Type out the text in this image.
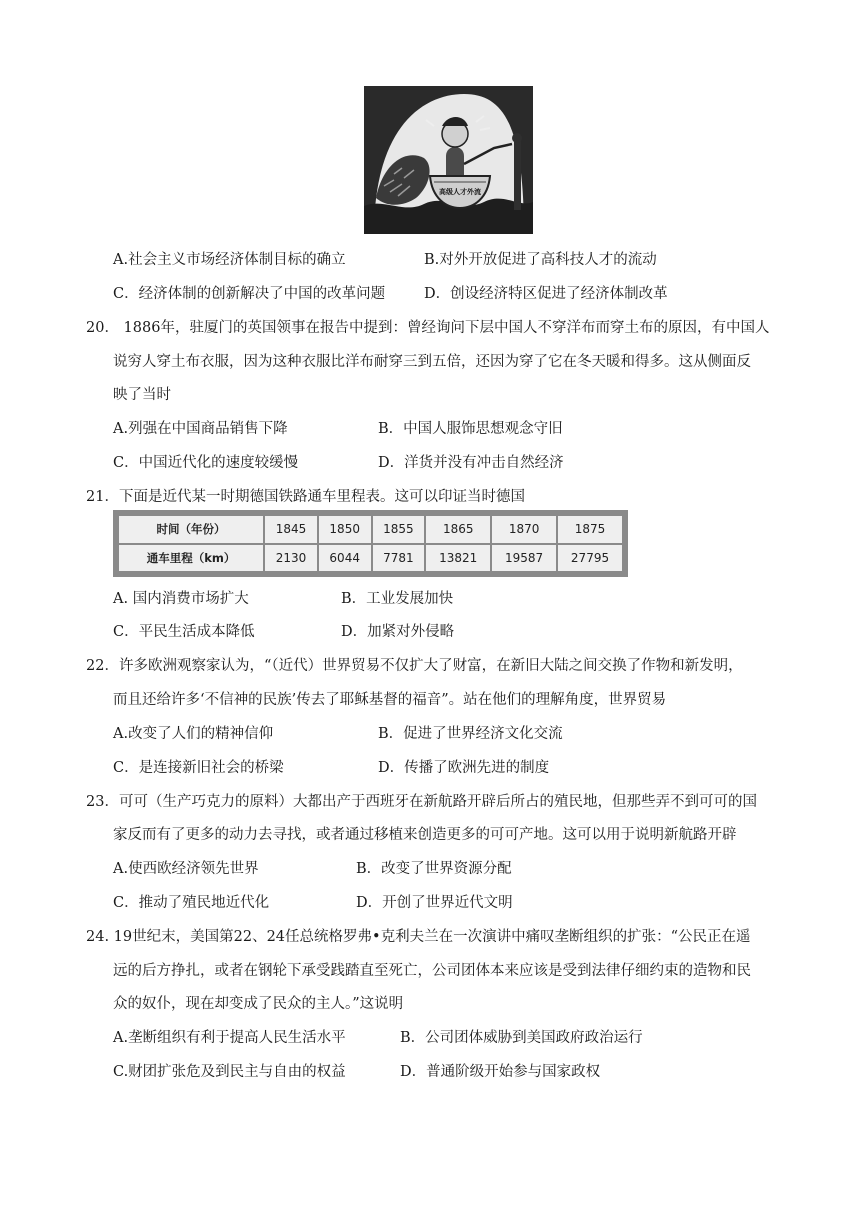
高级人才外流
A.社会主义市场经济体制目标的确立	B.对外开放促进了高科技人才的流动
C．经济体制的创新解决了中国的改革问题	D．创设经济特区促进了经济体制改革
20． 1886年，驻厦门的英国领事在报告中提到：曾经询问下层中国人不穿洋布而穿土布的原因，有中国人
说穷人穿土布衣服，因为这种衣服比洋布耐穿三到五倍，还因为穿了它在冬天暖和得多。这从侧面反
映了当时
A.列强在中国商品销售下降	B．中国人服饰思想观念守旧
C．中国近代化的速度较缓慢	D．洋货并没有冲击自然经济
21．下面是近代某一时期德国铁路通车里程表。这可以印证当时德国
时间（年份）	1845	1850	1855	1865	1870	1875
通车里程（km）	2130	6044	7781	13821	19587	27795
A. 国内消费市场扩大	B．工业发展加快
C．平民生活成本降低	D．加紧对外侵略
22．许多欧洲观察家认为，“（近代）世界贸易不仅扩大了财富，在新旧大陆之间交换了作物和新发明，
而且还给许多‘不信神的民族’传去了耶稣基督的福音”。站在他们的理解角度，世界贸易
A.改变了人们的精神信仰	B．促进了世界经济文化交流
C．是连接新旧社会的桥梁	D．传播了欧洲先进的制度
23．可可（生产巧克力的原料）大都出产于西班牙在新航路开辟后所占的殖民地，但那些弄不到可可的国
家反而有了更多的动力去寻找，或者通过移植来创造更多的可可产地。这可以用于说明新航路开辟
A.使西欧经济领先世界	B．改变了世界资源分配
C．推动了殖民地近代化	D．开创了世界近代文明
24. 19世纪末，美国第22、24任总统格罗弗•克利夫兰在一次演讲中痛叹垄断组织的扩张：“公民正在遥
远的后方挣扎，或者在钢轮下承受践踏直至死亡，公司团体本来应该是受到法律仔细约束的造物和民
众的奴仆，现在却变成了民众的主人。”这说明
A.垄断组织有利于提高人民生活水平	B．公司团体威胁到美国政府政治运行
C.财团扩张危及到民主与自由的权益	D．普通阶级开始参与国家政权
